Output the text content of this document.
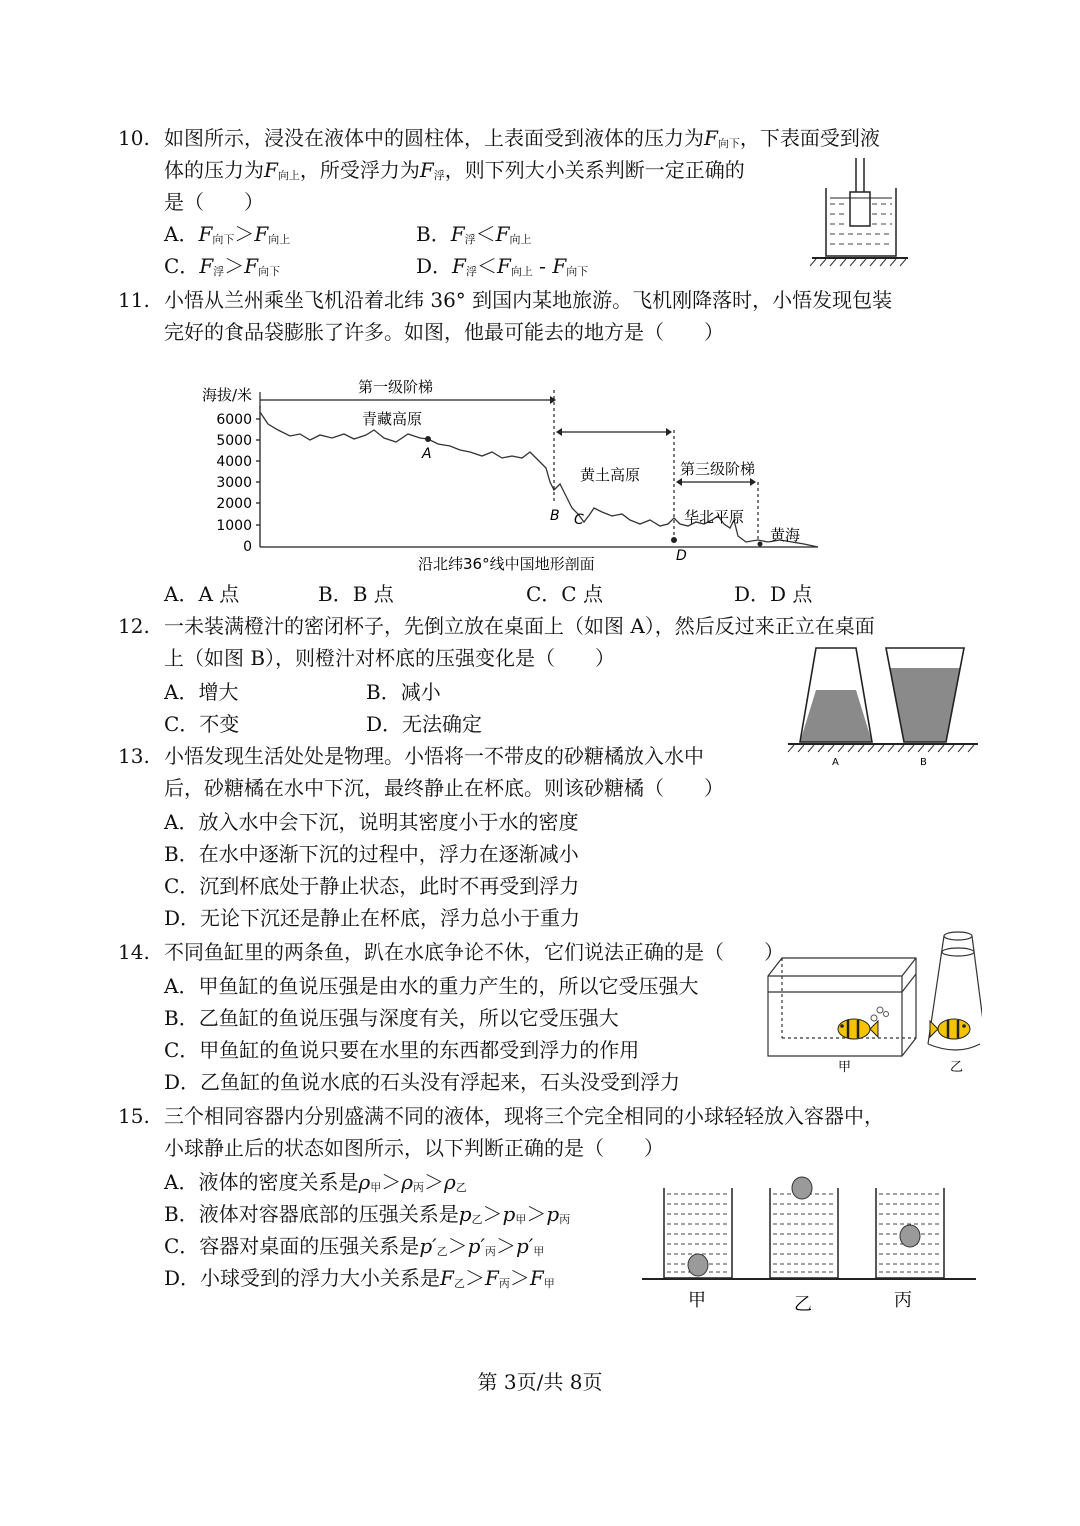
10. 如图所示，浸没在液体中的圆柱体，上表面受到液体的压力为F向下，下表面受到液
体的压力为F向上，所受浮力为F浮，则下列大小关系判断一定正确的
是（　　）
A．F向下＞F向上	B．F浮＜F向上
C．F浮＞F向下	D．F浮＜F向上 - F向下
11. 小悟从兰州乘坐飞机沿着北纬 36° 到国内某地旅游。飞机刚降落时，小悟发现包装
完好的食品袋膨胀了许多。如图，他最可能去的地方是（　　）
海拔/米
6000
5000
4000
3000
2000
1000
0
第一级阶梯
青藏高原
黄土高原	第三级阶梯
华北平原
黄海
沿北纬36°线中国地形剖面
A
B C
D
A．A 点	B．B 点	C．C 点	D．D 点
12. 一未装满橙汁的密闭杯子，先倒立放在桌面上（如图 A），然后反过来正立在桌面
上（如图 B），则橙汁对杯底的压强变化是（　　）
A．增大	B．减小
C．不变	D．无法确定
A	B
13. 小悟发现生活处处是物理。小悟将一不带皮的砂糖橘放入水中
后，砂糖橘在水中下沉，最终静止在杯底。则该砂糖橘（　　）
A．放入水中会下沉，说明其密度小于水的密度
B．在水中逐渐下沉的过程中，浮力在逐渐减小
C．沉到杯底处于静止状态，此时不再受到浮力
D．无论下沉还是静止在杯底，浮力总小于重力
14. 不同鱼缸里的两条鱼，趴在水底争论不休，它们说法正确的是（　　）
A．甲鱼缸的鱼说压强是由水的重力产生的，所以它受压强大
B．乙鱼缸的鱼说压强与深度有关，所以它受压强大
C．甲鱼缸的鱼说只要在水里的东西都受到浮力的作用
D．乙鱼缸的鱼说水底的石头没有浮起来，石头没受到浮力
甲	乙
15. 三个相同容器内分别盛满不同的液体，现将三个完全相同的小球轻轻放入容器中，
小球静止后的状态如图所示，以下判断正确的是（　　）
A．液体的密度关系是ρ甲＞ρ丙＞ρ乙
B．液体对容器底部的压强关系是p乙＞p甲＞p丙
C．容器对桌面的压强关系是p′乙＞p′丙＞p′甲
D．小球受到的浮力大小关系是F乙＞F丙＞F甲
甲	乙	丙
第 3页/共 8页
